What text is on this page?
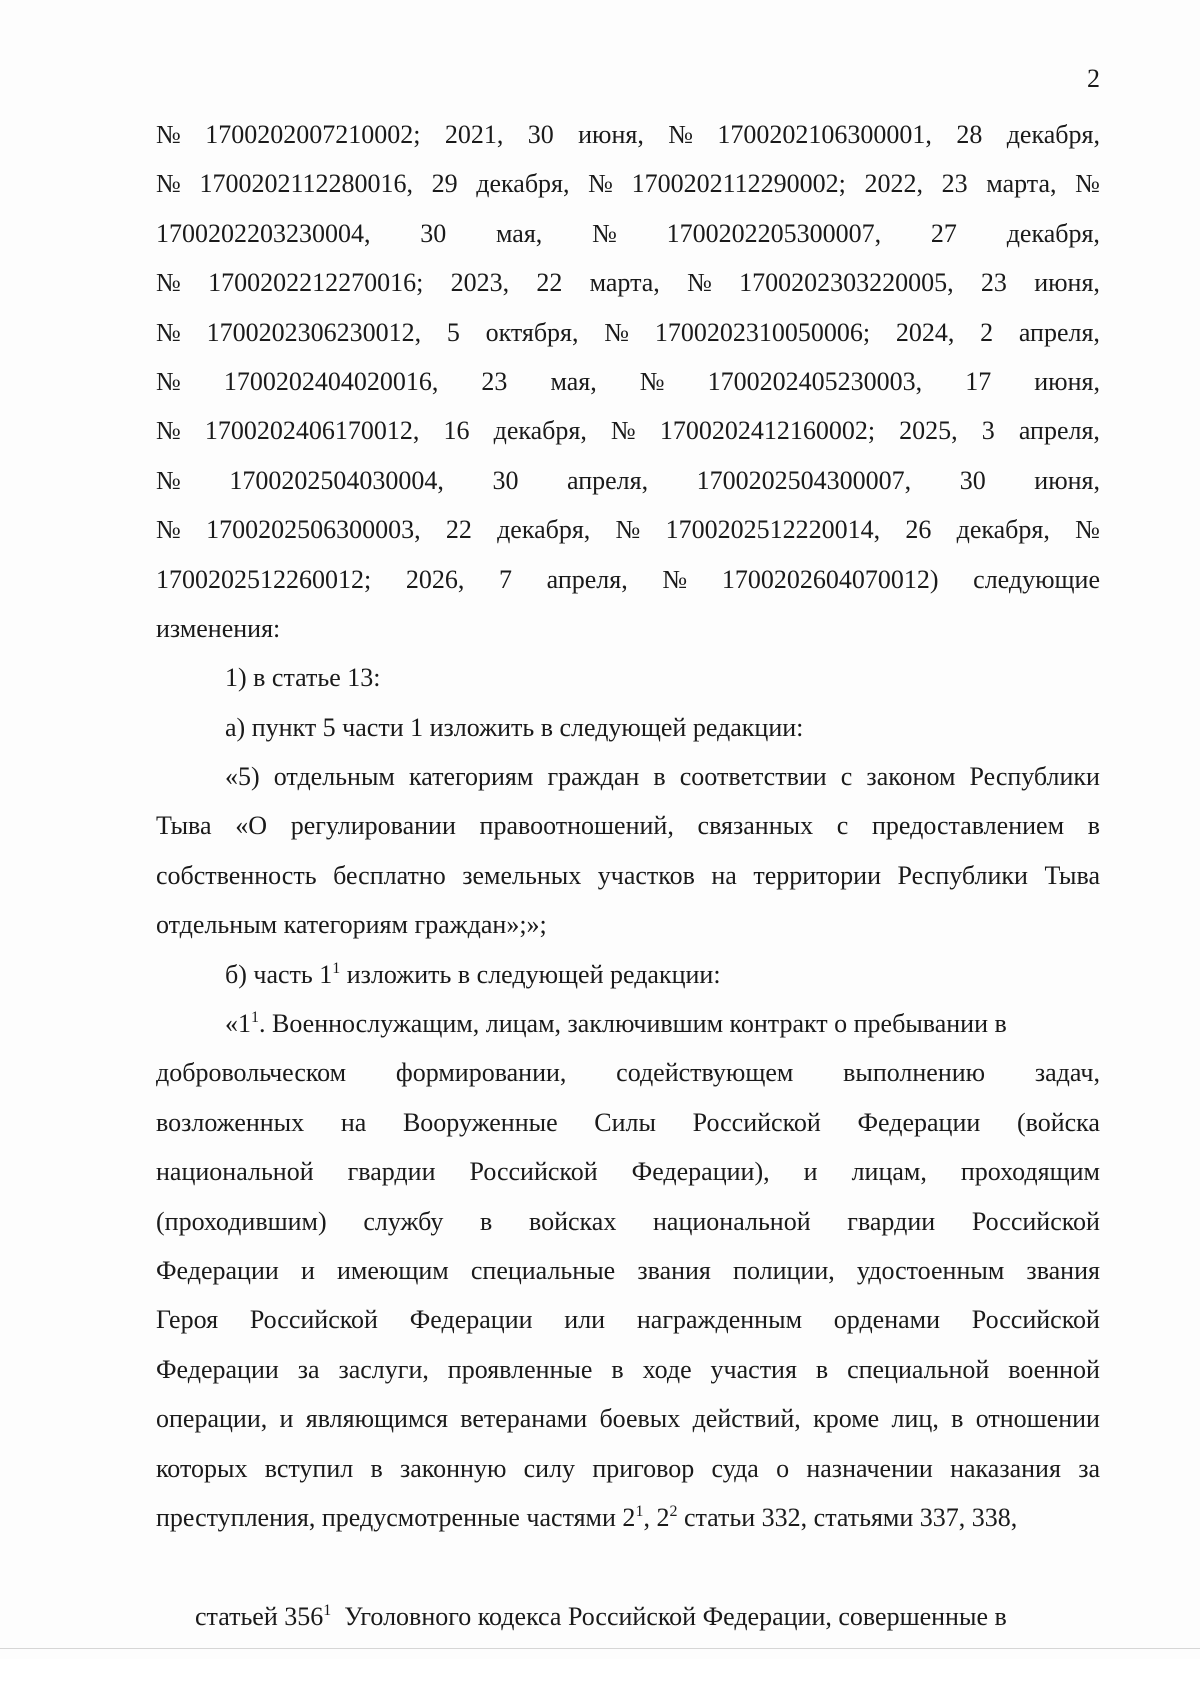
2
№ 1700202007210002; 2021, 30 июня, № 1700202106300001, 28 декабря,
№ 1700202112280016, 29 декабря, № 1700202112290002; 2022, 23 марта, №
1700202203230004, 30 мая, № 1700202205300007, 27 декабря,
№ 1700202212270016; 2023, 22 марта, № 1700202303220005, 23 июня,
№ 1700202306230012, 5 октября, № 1700202310050006; 2024, 2 апреля,
№ 1700202404020016, 23 мая, № 1700202405230003, 17 июня,
№ 1700202406170012, 16 декабря, № 1700202412160002; 2025, 3 апреля,
№ 1700202504030004, 30 апреля, 1700202504300007, 30 июня,
№ 1700202506300003, 22 декабря, № 1700202512220014, 26 декабря, №
1700202512260012; 2026, 7 апреля, № 1700202604070012) следующие
изменения:
1) в статье 13:
а) пункт 5 части 1 изложить в следующей редакции:
«5) отдельным категориям граждан в соответствии с законом Республики
Тыва «О регулировании правоотношений, связанных с предоставлением в
собственность бесплатно земельных участков на территории Республики Тыва
отдельным категориям граждан»;»;
б) часть $1^1$ изложить в следующей редакции:
«$1^1$. Военнослужащим, лицам, заключившим контракт о пребывании в
добровольческом формировании, содействующем выполнению задач,
возложенных на Вооруженные Силы Российской Федерации (войска
национальной гвардии Российской Федерации), и лицам, проходящим
(проходившим) службу в войсках национальной гвардии Российской
Федерации и имеющим специальные звания полиции, удостоенным звания
Героя Российской Федерации или награжденным орденами Российской
Федерации за заслуги, проявленные в ходе участия в специальной военной
операции, и являющимся ветеранами боевых действий, кроме лиц, в отношении
которых вступил в законную силу приговор суда о назначении наказания за
преступления, предусмотренные частями $2^1$, $2^2$ статьи 332, статьями 337, 338,

статьей $356^1$  Уголовного кодекса Российской Федерации, совершенные в
